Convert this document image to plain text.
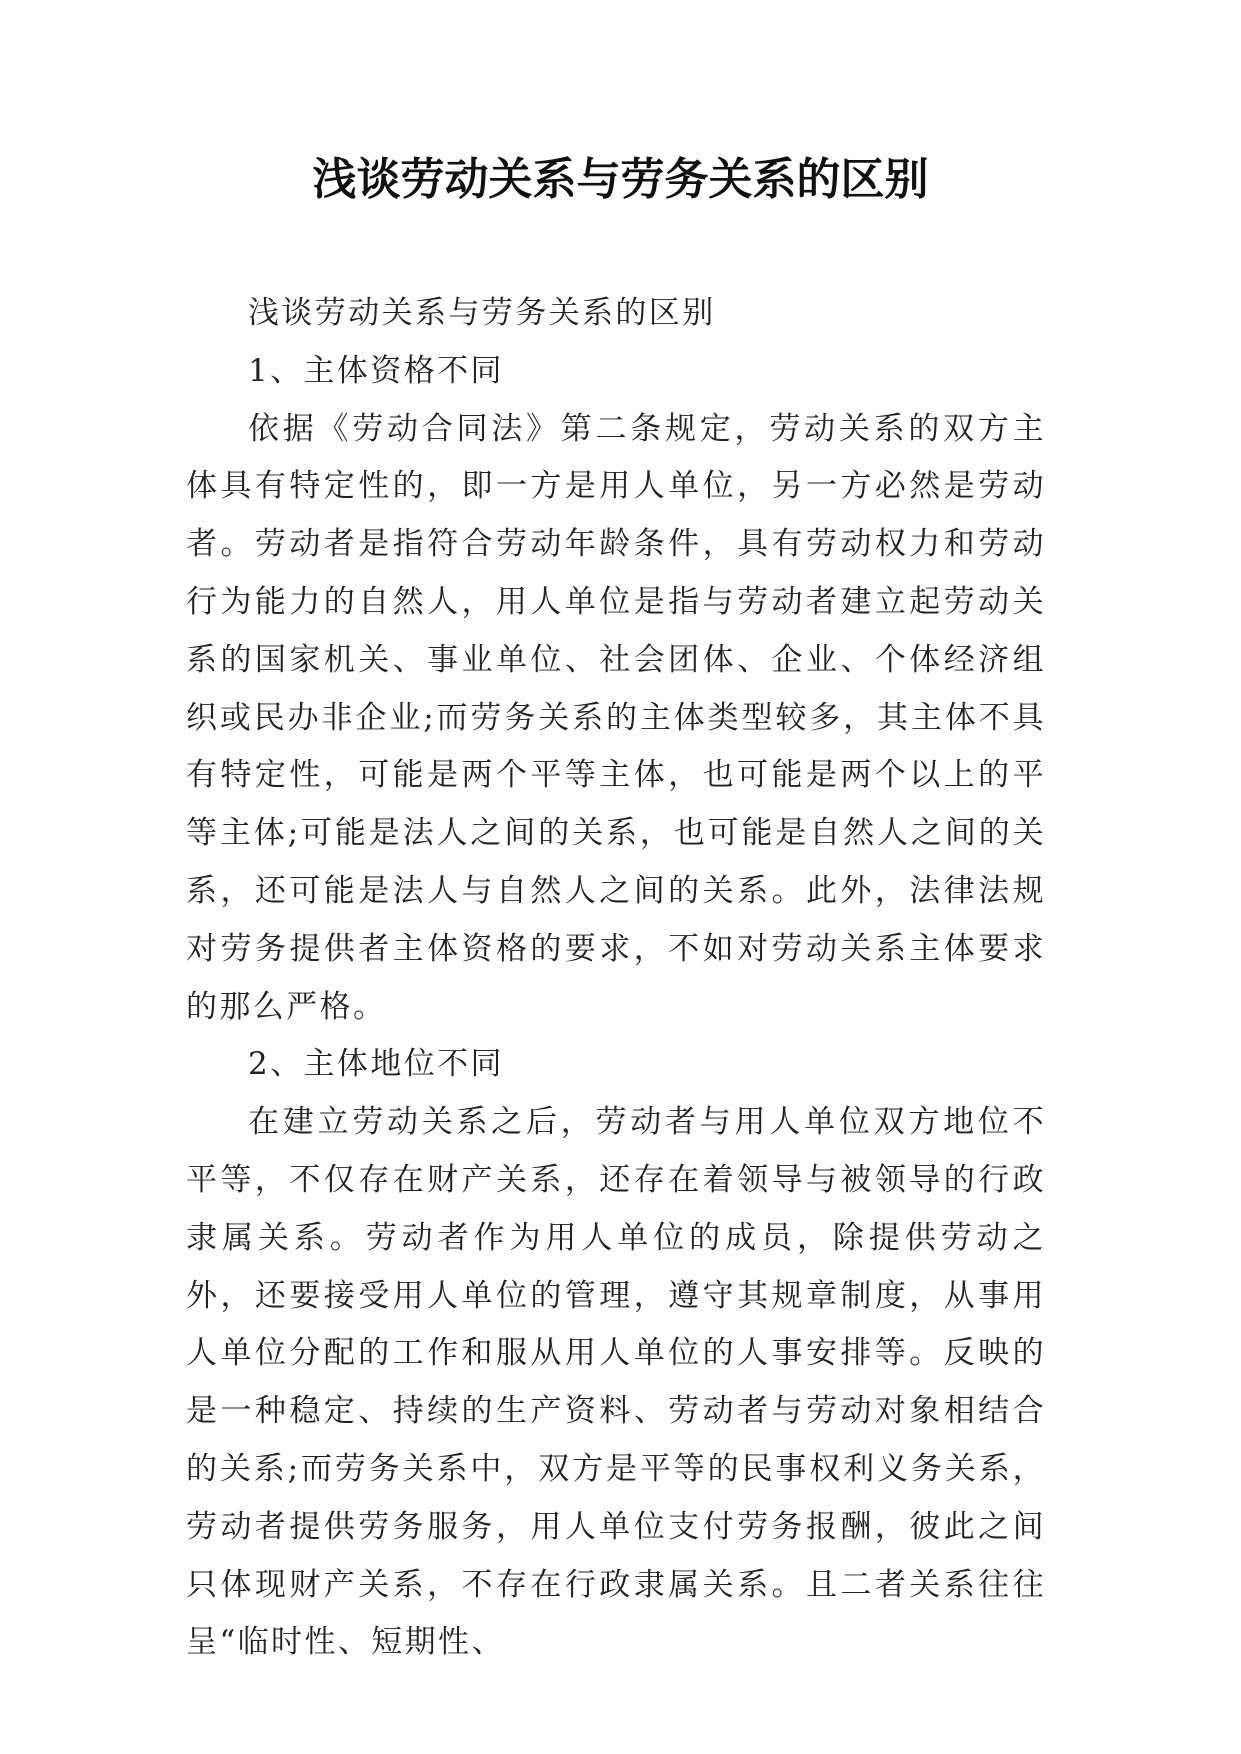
浅谈劳动关系与劳务关系的区别

浅谈劳动关系与劳务关系的区别

1、主体资格不同

依据《劳动合同法》第二条规定，劳动关系的双方主体具有特定性的，即一方是用人单位，另一方必然是劳动者。劳动者是指符合劳动年龄条件，具有劳动权力和劳动行为能力的自然人，用人单位是指与劳动者建立起劳动关系的国家机关、事业单位、社会团体、企业、个体经济组织或民办非企业;而劳务关系的主体类型较多，其主体不具有特定性，可能是两个平等主体，也可能是两个以上的平等主体;可能是法人之间的关系，也可能是自然人之间的关系，还可能是法人与自然人之间的关系。此外，法律法规对劳务提供者主体资格的要求，不如对劳动关系主体要求的那么严格。

2、主体地位不同

在建立劳动关系之后，劳动者与用人单位双方地位不平等，不仅存在财产关系，还存在着领导与被领导的行政隶属关系。劳动者作为用人单位的成员，除提供劳动之外，还要接受用人单位的管理，遵守其规章制度，从事用人单位分配的工作和服从用人单位的人事安排等。反映的是一种稳定、持续的生产资料、劳动者与劳动对象相结合的关系;而劳务关系中，双方是平等的民事权利义务关系，劳动者提供劳务服务，用人单位支付劳务报酬，彼此之间只体现财产关系，不存在行政隶属关系。且二者关系往往呈“临时性、短期性、
